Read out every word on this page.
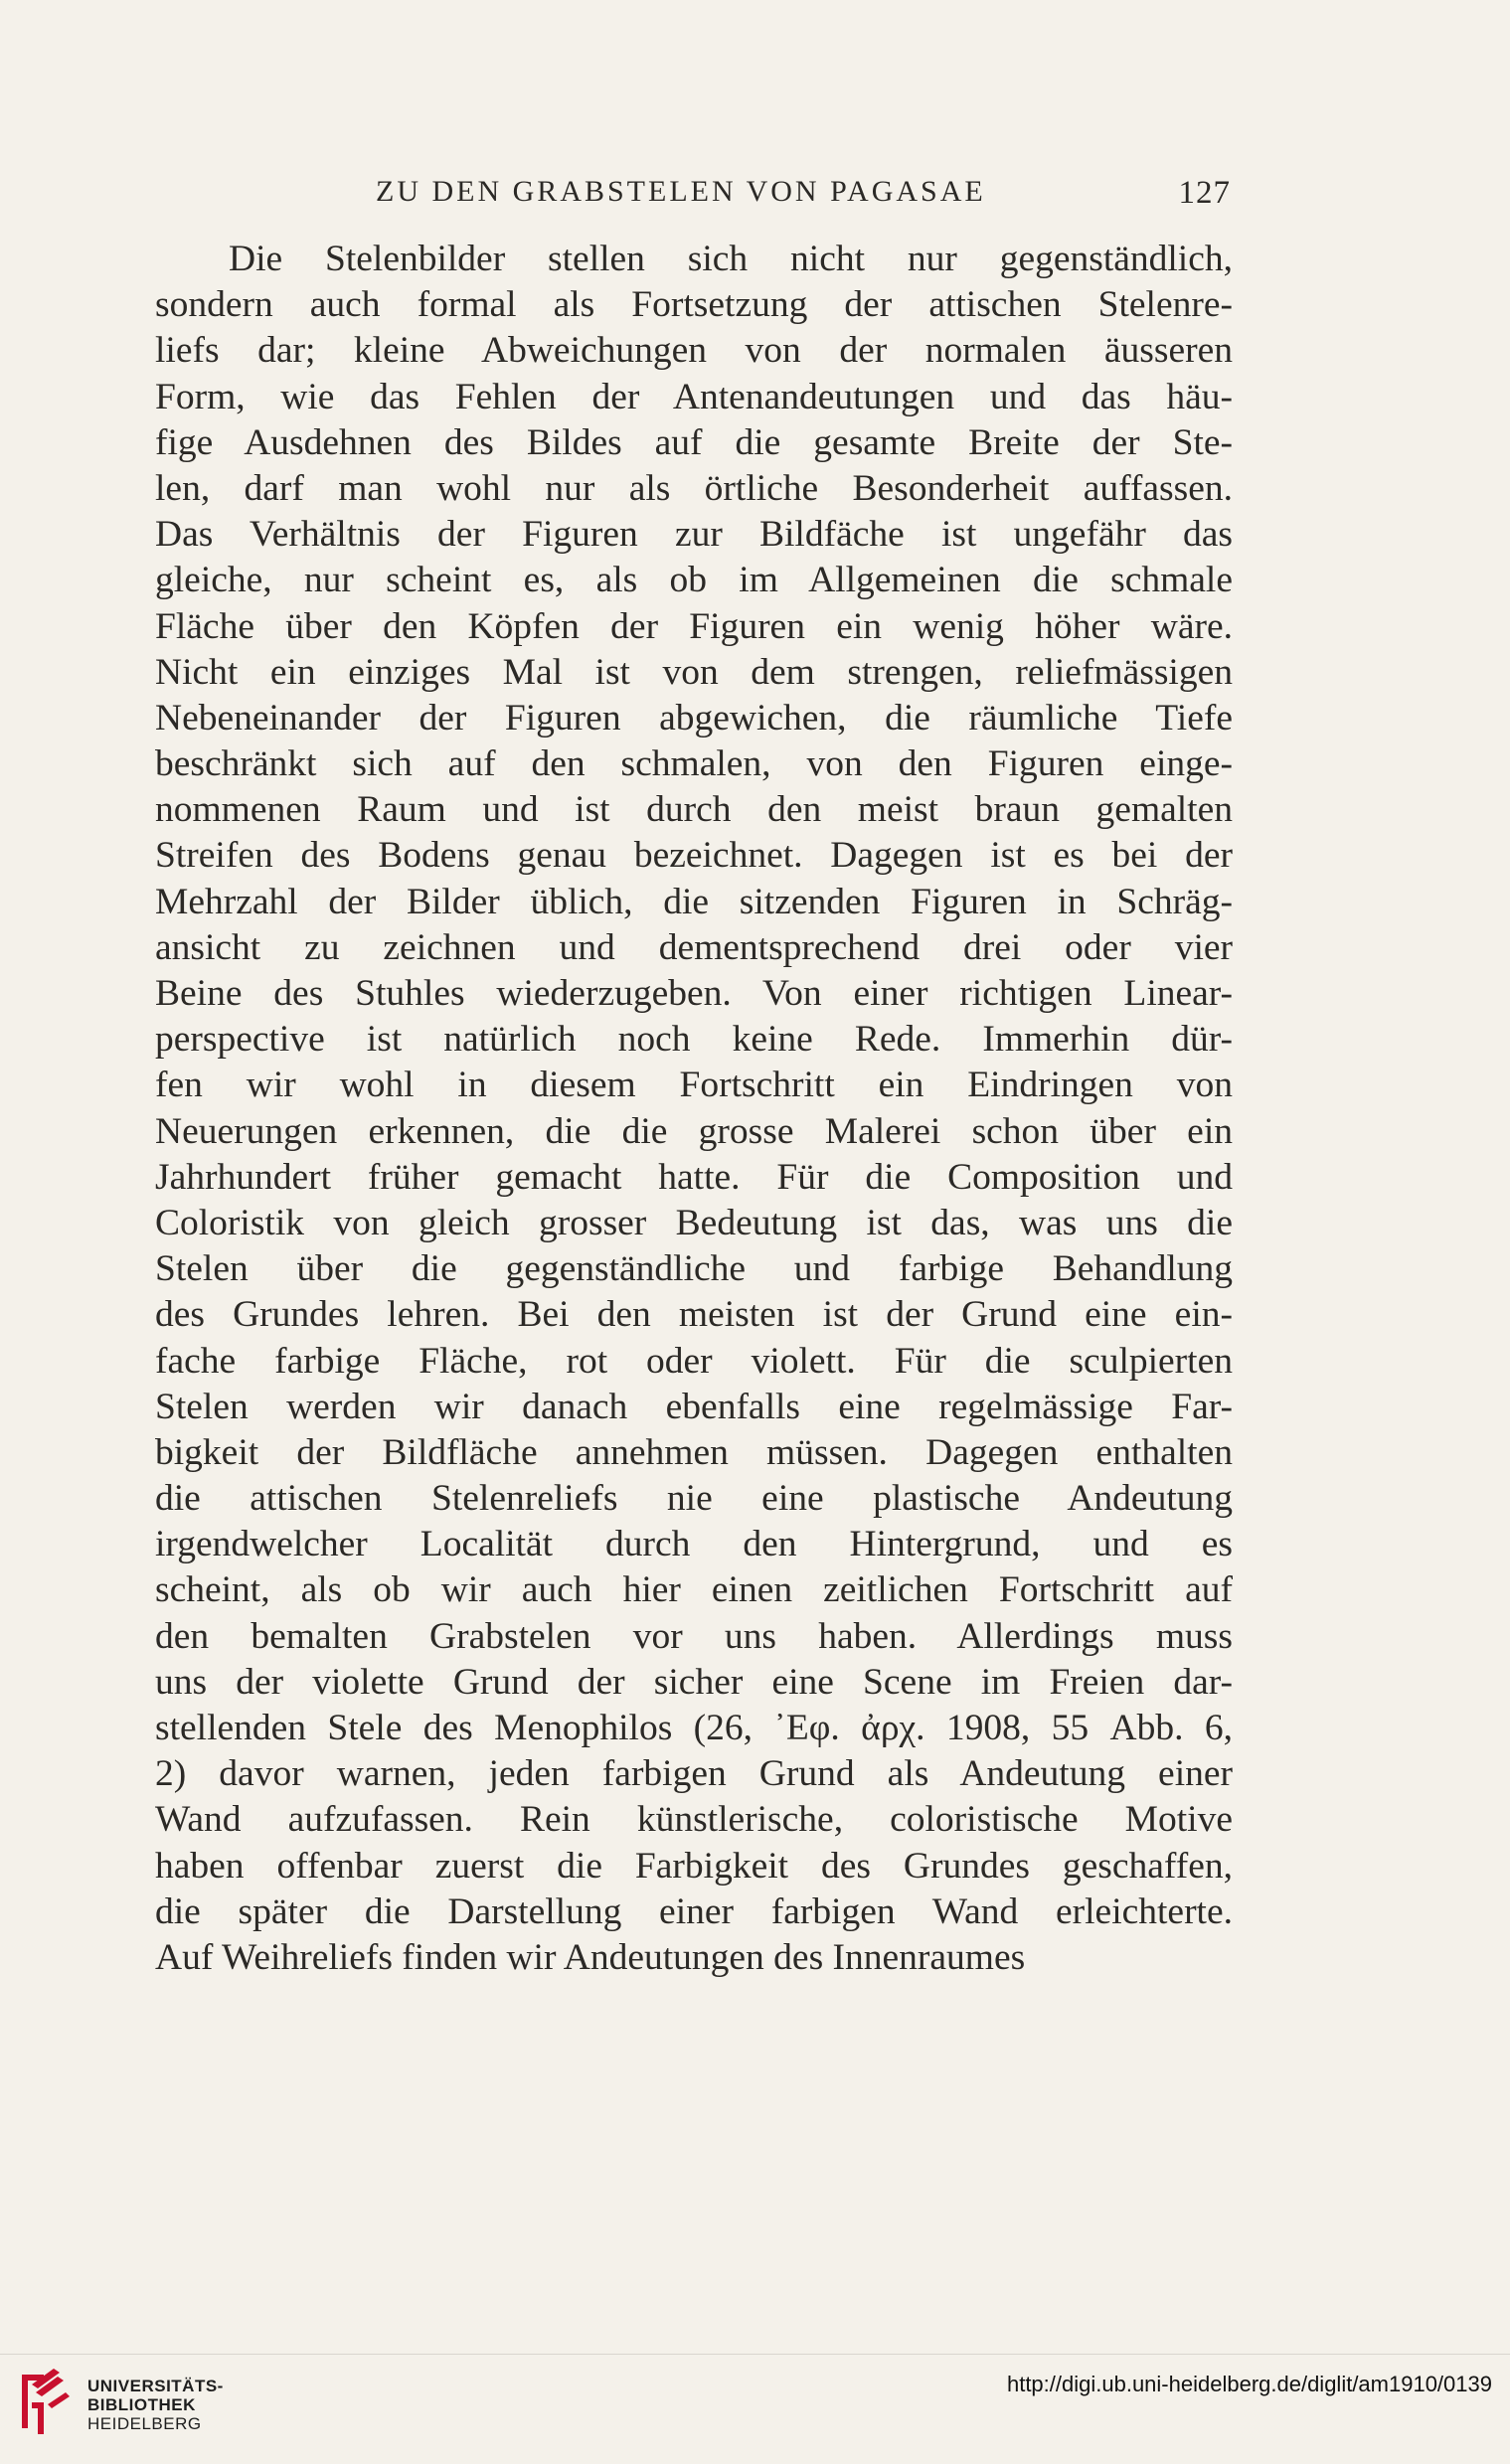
ZU DEN GRABSTELEN VON PAGASAE	127
Die Stelenbilder stellen sich nicht nur gegenständlich,
sondern auch formal als Fortsetzung der attischen Stelenre-
liefs dar; kleine Abweichungen von der normalen äusseren
Form, wie das Fehlen der Antenandeutungen und das häu-
fige Ausdehnen des Bildes auf die gesamte Breite der Ste-
len, darf man wohl nur als örtliche Besonderheit auffassen.
Das Verhältnis der Figuren zur Bildfäche ist ungefähr das
gleiche, nur scheint es, als ob im Allgemeinen die schmale
Fläche über den Köpfen der Figuren ein wenig höher wäre.
Nicht ein einziges Mal ist von dem strengen, reliefmässigen
Nebeneinander der Figuren abgewichen, die räumliche Tiefe
beschränkt sich auf den schmalen, von den Figuren einge-
nommenen Raum und ist durch den meist braun gemalten
Streifen des Bodens genau bezeichnet. Dagegen ist es bei der
Mehrzahl der Bilder üblich, die sitzenden Figuren in Schräg-
ansicht zu zeichnen und dementsprechend drei oder vier
Beine des Stuhles wiederzugeben. Von einer richtigen Linear-
perspective ist natürlich noch keine Rede. Immerhin dür-
fen wir wohl in diesem Fortschritt ein Eindringen von
Neuerungen erkennen, die die grosse Malerei schon über ein
Jahrhundert früher gemacht hatte. Für die Composition und
Coloristik von gleich grosser Bedeutung ist das, was uns die
Stelen über die gegenständliche und farbige Behandlung
des Grundes lehren. Bei den meisten ist der Grund eine ein-
fache farbige Fläche, rot oder violett. Für die sculpierten
Stelen werden wir danach ebenfalls eine regelmässige Far-
bigkeit der Bildfläche annehmen müssen. Dagegen enthalten
die attischen Stelenreliefs nie eine plastische Andeutung
irgendwelcher Localität durch den Hintergrund, und es
scheint, als ob wir auch hier einen zeitlichen Fortschritt auf
den bemalten Grabstelen vor uns haben. Allerdings muss
uns der violette Grund der sicher eine Scene im Freien dar-
stellenden Stele des Menophilos (26, ᾿Εφ. ἀρχ. 1908, 55 Abb. 6,
2) davor warnen, jeden farbigen Grund als Andeutung einer
Wand aufzufassen. Rein künstlerische, coloristische Motive
haben offenbar zuerst die Farbigkeit des Grundes geschaffen,
die später die Darstellung einer farbigen Wand erleichterte.
Auf Weihreliefs finden wir Andeutungen des Innenraumes
UNIVERSITÄTS-
BIBLIOTHEK
HEIDELBERG
http://digi.ub.uni-heidelberg.de/diglit/am1910/0139
